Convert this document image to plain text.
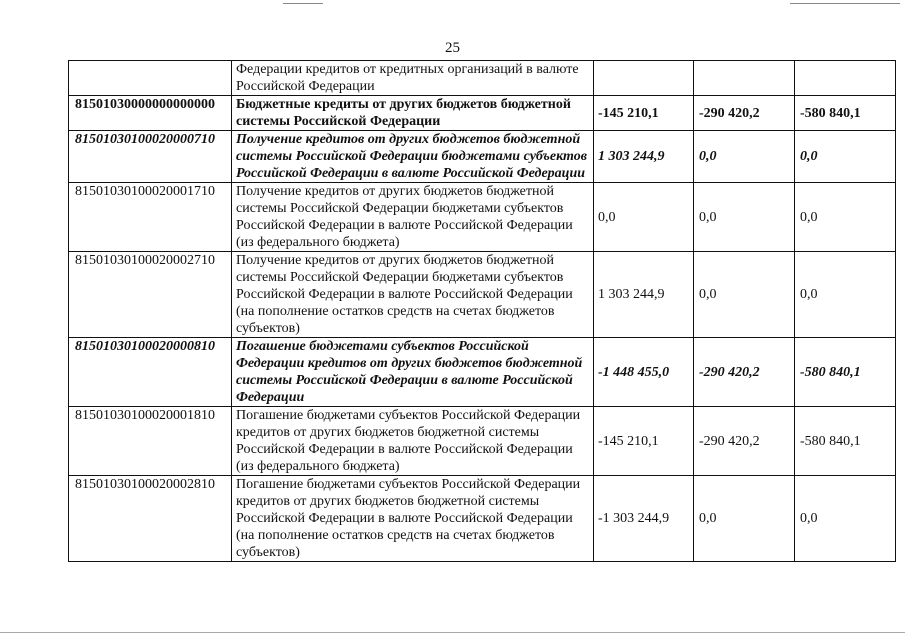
25
	Федерации кредитов от кредитных организаций в валюте Российской Федерации			
81501030000000000000	Бюджетные кредиты от других бюджетов бюджетной системы Российской Федерации	-145 210,1	-290 420,2	-580 840,1
81501030100020000710	Получение кредитов от других бюджетов бюджетной системы Российской Федерации бюджетами субъектов Российской Федерации в валюте Российской Федерации	1 303 244,9	0,0	0,0
81501030100020001710	Получение кредитов от других бюджетов бюджетной системы Российской Федерации бюджетами субъектов Российской Федерации в валюте Российской Федерации (из федерального бюджета)	0,0	0,0	0,0
81501030100020002710	Получение кредитов от других бюджетов бюджетной системы Российской Федерации бюджетами субъектов Российской Федерации в валюте Российской Федерации (на пополнение остатков средств на счетах бюджетов субъектов)	1 303 244,9	0,0	0,0
81501030100020000810	Погашение бюджетами субъектов Российской Федерации кредитов от других бюджетов бюджетной системы Российской Федерации в валюте Российской Федерации	-1 448 455,0	-290 420,2	-580 840,1
81501030100020001810	Погашение бюджетами субъектов Российской Федерации кредитов от других бюджетов бюджетной системы Российской Федерации в валюте Российской Федерации (из федерального бюджета)	-145 210,1	-290 420,2	-580 840,1
81501030100020002810	Погашение бюджетами субъектов Российской Федерации кредитов от других бюджетов бюджетной системы Российской Федерации в валюте Российской Федерации (на пополнение остатков средств на счетах бюджетов субъектов)	-1 303 244,9	0,0	0,0
